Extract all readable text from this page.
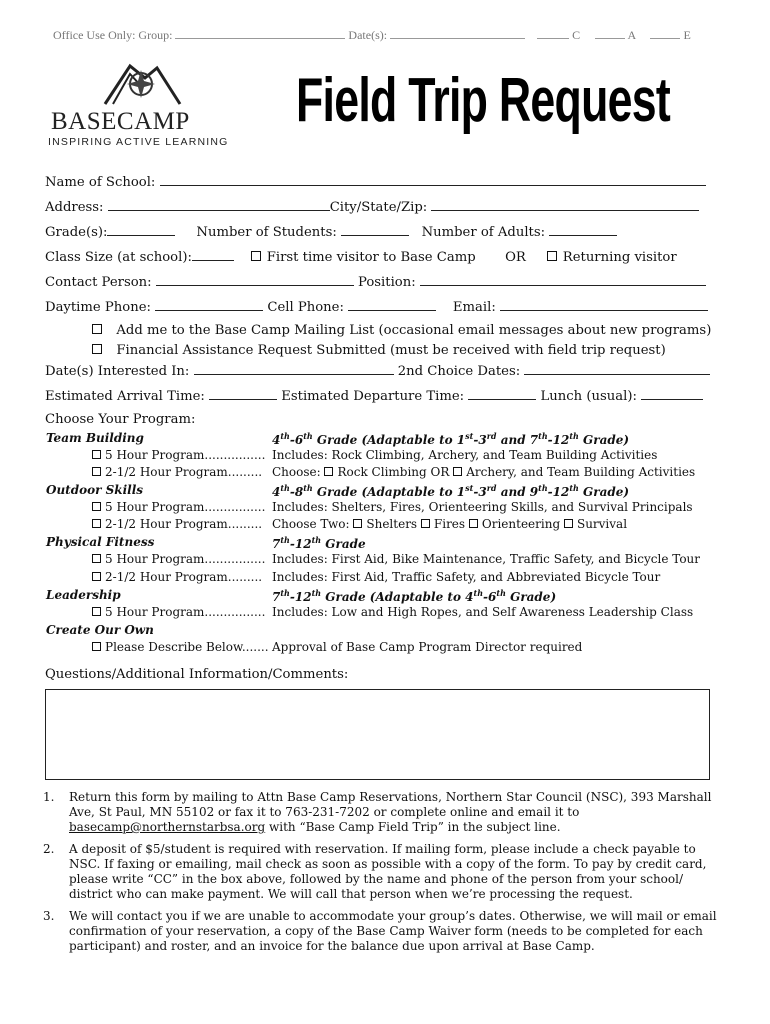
Office Use Only: Group:	Date(s):	C	A	E
BASECAMP
INSPIRING ACTIVE LEARNING
Field Trip Request
Name of School:
Address:	City/State/Zip:
Grade(s):	Number of Students:	Number of Adults:
Class Size (at school):	First time visitor to Base Camp OR	Returning visitor
Contact Person:	Position:
Daytime Phone:	Cell Phone:	Email:
Add me to the Base Camp Mailing List (occasional email messages about new programs)
Financial Assistance Request Submitted (must be received with field trip request)
Date(s) Interested In:	2nd Choice Dates:
Estimated Arrival Time:	Estimated Departure Time:	Lunch (usual):
Choose Your Program:
Team Building	4th-6th Grade (Adaptable to 1st-3rd and 7th-12th Grade)
5 Hour Program................ Includes: Rock Climbing, Archery, and Team Building Activities
2-1/2 Hour Program......... Choose: Rock Climbing OR Archery, and Team Building Activities
Outdoor Skills	4th-8th Grade (Adaptable to 1st-3rd and 9th-12th Grade)
5 Hour Program................ Includes: Shelters, Fires, Orienteering Skills, and Survival Principals
2-1/2 Hour Program......... Choose Two: Shelters Fires Orienteering Survival
Physical Fitness	7th-12th Grade
5 Hour Program................ Includes: First Aid, Bike Maintenance, Traffic Safety, and Bicycle Tour
2-1/2 Hour Program......... Includes: First Aid, Traffic Safety, and Abbreviated Bicycle Tour
Leadership	7th-12th Grade (Adaptable to 4th-6th Grade)
5 Hour Program................ Includes: Low and High Ropes, and Self Awareness Leadership Class
Create Our Own
Please Describe Below....... Approval of Base Camp Program Director required
Questions/Additional Information/Comments:
1. Return this form by mailing to Attn Base Camp Reservations, Northern Star Council (NSC), 393 Marshall Ave, St Paul, MN 55102 or fax it to 763-231-7202 or complete online and email it to basecamp@northernstarbsa.org with “Base Camp Field Trip” in the subject line.
2. A deposit of $5/student is required with reservation. If mailing form, please include a check payable to NSC. If faxing or emailing, mail check as soon as possible with a copy of the form. To pay by credit card, please write “CC” in the box above, followed by the name and phone of the person from your school/ district who can make payment. We will call that person when we’re processing the request.
3. We will contact you if we are unable to accommodate your group’s dates. Otherwise, we will mail or email confirmation of your reservation, a copy of the Base Camp Waiver form (needs to be completed for each participant) and roster, and an invoice for the balance due upon arrival at Base Camp.
